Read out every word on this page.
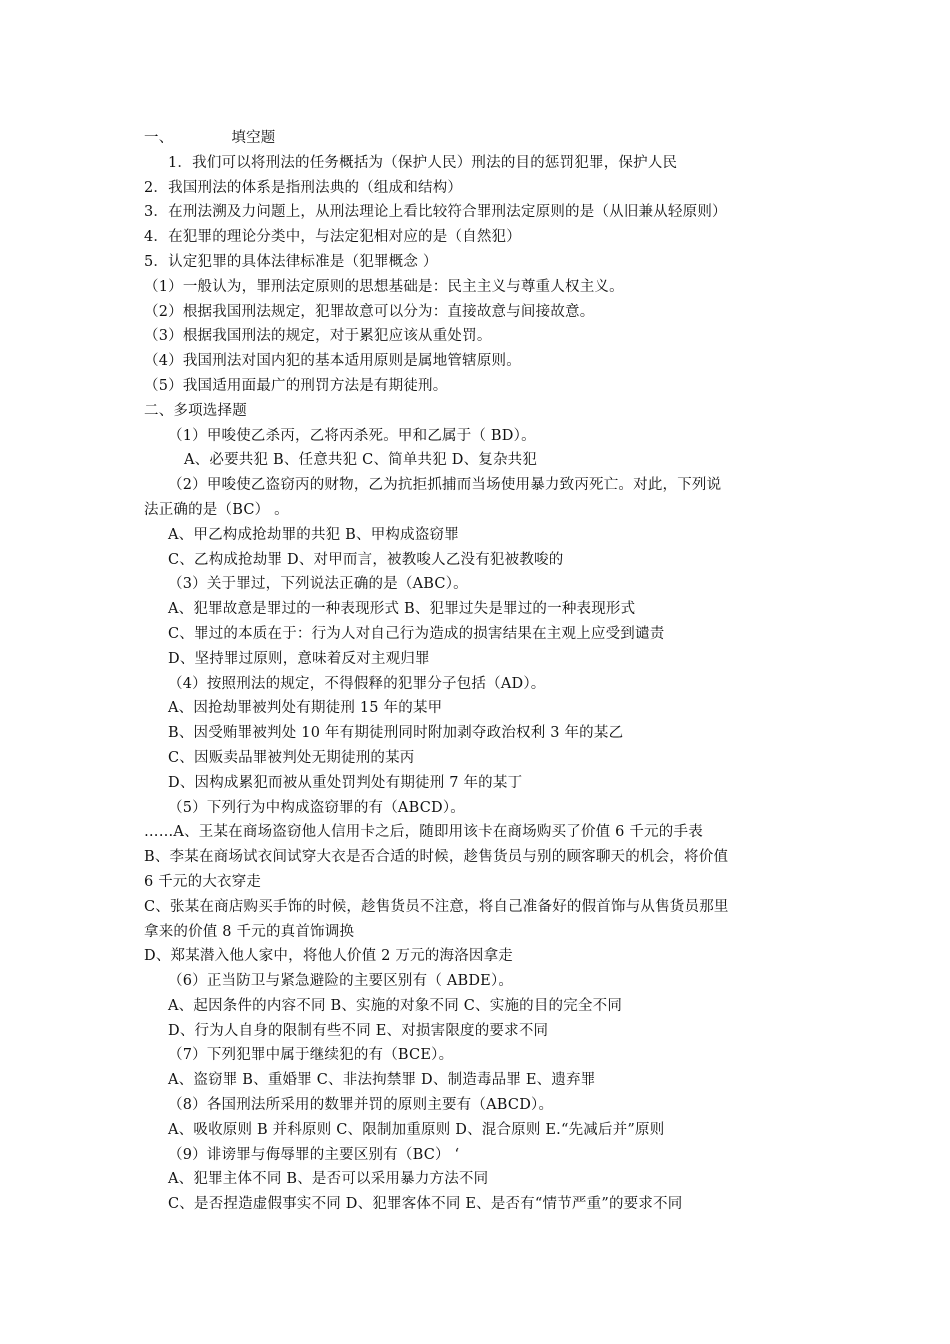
一、	填空题
1．我们可以将刑法的任务概括为（保护人民）刑法的目的惩罚犯罪，保护人民
2．我国刑法的体系是指刑法典的（组成和结构）
3．在刑法溯及力问题上，从刑法理论上看比较符合罪刑法定原则的是（从旧兼从轻原则）
4．在犯罪的理论分类中，与法定犯相对应的是（自然犯）
5．认定犯罪的具体法律标准是（犯罪概念 ）
（1）一般认为，罪刑法定原则的思想基础是：民主主义与尊重人权主义。
（2）根据我国刑法规定，犯罪故意可以分为：直接故意与间接故意。
（3）根据我国刑法的规定，对于累犯应该从重处罚。
（4）我国刑法对国内犯的基本适用原则是属地管辖原则。
（5）我国适用面最广的刑罚方法是有期徒刑。
二、多项选择题
（1）甲唆使乙杀丙，乙将丙杀死。甲和乙属于（ BD）。
A、必要共犯 B、任意共犯 C、简单共犯 D、复杂共犯
（2）甲唆使乙盗窃丙的财物，乙为抗拒抓捕而当场使用暴力致丙死亡。对此，下列说
法正确的是（BC） 。
A、甲乙构成抢劫罪的共犯 B、甲构成盗窃罪
C、乙构成抢劫罪 D、对甲而言，被教唆人乙没有犯被教唆的
（3）关于罪过，下列说法正确的是（ABC）。
A、犯罪故意是罪过的一种表现形式 B、犯罪过失是罪过的一种表现形式
C、罪过的本质在于：行为人对自己行为造成的损害结果在主观上应受到谴责
D、坚持罪过原则，意味着反对主观归罪
（4）按照刑法的规定，不得假释的犯罪分子包括（AD）。
A、因抢劫罪被判处有期徒刑 15 年的某甲
B、因受贿罪被判处 10 年有期徒刑同时附加剥夺政治权利 3 年的某乙
C、因贩卖品罪被判处无期徒刑的某丙
D、因构成累犯而被从重处罚判处有期徒刑 7 年的某丁
（5）下列行为中构成盗窃罪的有（ABCD）。
……A、王某在商场盗窃他人信用卡之后，随即用该卡在商场购买了价值 6 千元的手表
B、李某在商场试衣间试穿大衣是否合适的时候，趁售货员与别的顾客聊天的机会，将价值
6 千元的大衣穿走
C、张某在商店购买手饰的时候，趁售货员不注意，将自己准备好的假首饰与从售货员那里
拿来的价值 8 千元的真首饰调换
D、郑某潜入他人家中，将他人价值 2 万元的海洛因拿走
（6）正当防卫与紧急避险的主要区别有（ ABDE）。
A、起因条件的内容不同 B、实施的对象不同 C、实施的目的完全不同
D、行为人自身的限制有些不同 E、对损害限度的要求不同
（7）下列犯罪中属于继续犯的有（BCE）。
A、盗窃罪 B、重婚罪 C、非法拘禁罪 D、制造毒品罪 E、遗弃罪
（8）各国刑法所采用的数罪并罚的原则主要有（ABCD）。
A、吸收原则 B 并科原则 C、限制加重原则 D、混合原则 E.“先减后并”原则
（9）诽谤罪与侮辱罪的主要区别有（BC） ‘
A、犯罪主体不同 B、是否可以采用暴力方法不同
C、是否捏造虚假事实不同 D、犯罪客体不同 E、是否有“情节严重”的要求不同
